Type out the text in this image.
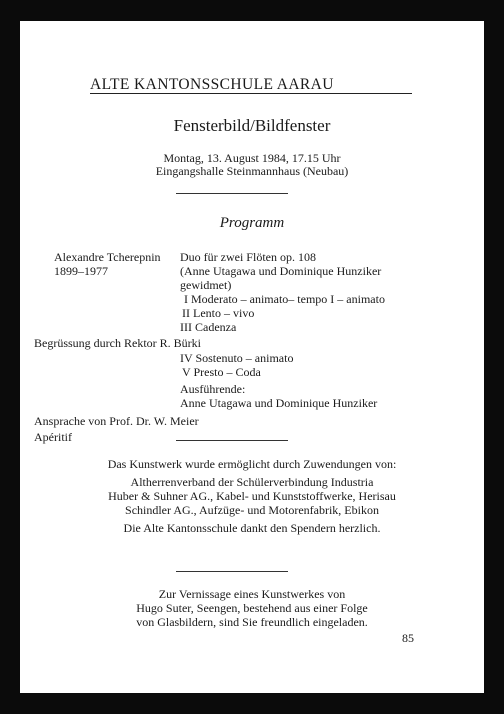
ALTE KANTONSSCHULE AARAU
Fensterbild/Bildfenster
Montag, 13. August 1984, 17.15 Uhr
Eingangshalle Steinmannhaus (Neubau)
Programm
Alexandre Tcherepnin
1899–1977
Duo für zwei Flöten op. 108
(Anne Utagawa und Dominique Hunziker
gewidmet)
I Moderato – animato– tempo I – animato
II Lento – vivo
III Cadenza
Begrüssung durch Rektor R. Bürki
IV Sostenuto – animato
V Presto – Coda
Ausführende:
Anne Utagawa und Dominique Hunziker
Ansprache von Prof. Dr. W. Meier
Apéritif
Das Kunstwerk wurde ermöglicht durch Zuwendungen von:
Altherrenverband der Schülerverbindung Industria
Huber & Suhner AG., Kabel- und Kunststoffwerke, Herisau
Schindler AG., Aufzüge- und Motorenfabrik, Ebikon
Die Alte Kantonsschule dankt den Spendern herzlich.
Zur Vernissage eines Kunstwerkes von
Hugo Suter, Seengen, bestehend aus einer Folge
von Glasbildern, sind Sie freundlich eingeladen.
85
